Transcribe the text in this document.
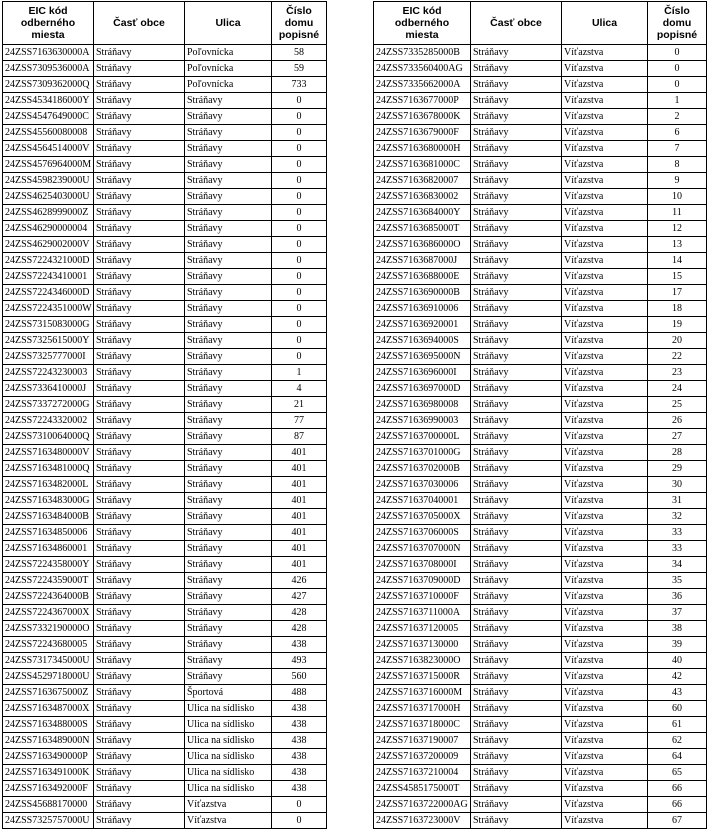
EIC kód
odberného
miesta	Časť obce	Ulica	Číslo
domu
popisné

24ZSS7163630000A	Stráňavy	Poľovnícka	58
24ZSS7309536000A	Stráňavy	Poľovnícka	59
24ZSS7309362000Q	Stráňavy	Poľovnícka	733
24ZSS4534186000Y	Stráňavy	Stráňavy	0
24ZSS4547649000C	Stráňavy	Stráňavy	0
24ZSS45560080008	Stráňavy	Stráňavy	0
24ZSS4564514000V	Stráňavy	Stráňavy	0
24ZSS4576964000M	Stráňavy	Stráňavy	0
24ZSS4598239000U	Stráňavy	Stráňavy	0
24ZSS4625403000U	Stráňavy	Stráňavy	0
24ZSS4628999000Z	Stráňavy	Stráňavy	0
24ZSS46290000004	Stráňavy	Stráňavy	0
24ZSS4629002000V	Stráňavy	Stráňavy	0
24ZSS7224321000D	Stráňavy	Stráňavy	0
24ZSS72243410001	Stráňavy	Stráňavy	0
24ZSS7224346000D	Stráňavy	Stráňavy	0
24ZSS7224351000W	Stráňavy	Stráňavy	0
24ZSS7315083000G	Stráňavy	Stráňavy	0
24ZSS7325615000Y	Stráňavy	Stráňavy	0
24ZSS7325777000I	Stráňavy	Stráňavy	0
24ZSS72243230003	Stráňavy	Stráňavy	1
24ZSS7336410000J	Stráňavy	Stráňavy	4
24ZSS7337272000G	Stráňavy	Stráňavy	21
24ZSS72243320002	Stráňavy	Stráňavy	77
24ZSS7310064000Q	Stráňavy	Stráňavy	87
24ZSS7163480000V	Stráňavy	Stráňavy	401
24ZSS7163481000Q	Stráňavy	Stráňavy	401
24ZSS7163482000L	Stráňavy	Stráňavy	401
24ZSS7163483000G	Stráňavy	Stráňavy	401
24ZSS7163484000B	Stráňavy	Stráňavy	401
24ZSS71634850006	Stráňavy	Stráňavy	401
24ZSS71634860001	Stráňavy	Stráňavy	401
24ZSS7224358000Y	Stráňavy	Stráňavy	401
24ZSS7224359000T	Stráňavy	Stráňavy	426
24ZSS7224364000B	Stráňavy	Stráňavy	427
24ZSS7224367000X	Stráňavy	Stráňavy	428
24ZSS7332190000O	Stráňavy	Stráňavy	428
24ZSS72243680005	Stráňavy	Stráňavy	438
24ZSS7317345000U	Stráňavy	Stráňavy	493
24ZSS4529718000U	Stráňavy	Stráňavy	560
24ZSS7163675000Z	Stráňavy	Športová	488
24ZSS7163487000X	Stráňavy	Ulica na sídlisko	438
24ZSS7163488000S	Stráňavy	Ulica na sídlisko	438
24ZSS7163489000N	Stráňavy	Ulica na sídlisko	438
24ZSS7163490000P	Stráňavy	Ulica na sídlisko	438
24ZSS7163491000K	Stráňavy	Ulica na sídlisko	438
24ZSS7163492000F	Stráňavy	Ulica na sídlisko	438
24ZSS45688170000	Stráňavy	Víťazstva	0
24ZSS7325757000U	Stráňavy	Víťazstva	0
EIC kód
odberného
miesta	Časť obce	Ulica	Číslo
domu
popisné

24ZSS7335285000B	Stráňavy	Víťazstva	0
24ZSS733560400AG	Stráňavy	Víťazstva	0
24ZSS7335662000A	Stráňavy	Víťazstva	0
24ZSS7163677000P	Stráňavy	Víťazstva	1
24ZSS7163678000K	Stráňavy	Víťazstva	2
24ZSS7163679000F	Stráňavy	Víťazstva	6
24ZSS7163680000H	Stráňavy	Víťazstva	7
24ZSS7163681000C	Stráňavy	Víťazstva	8
24ZSS71636820007	Stráňavy	Víťazstva	9
24ZSS71636830002	Stráňavy	Víťazstva	10
24ZSS7163684000Y	Stráňavy	Víťazstva	11
24ZSS7163685000T	Stráňavy	Víťazstva	12
24ZSS7163686000O	Stráňavy	Víťazstva	13
24ZSS7163687000J	Stráňavy	Víťazstva	14
24ZSS7163688000E	Stráňavy	Víťazstva	15
24ZSS7163690000B	Stráňavy	Víťazstva	17
24ZSS71636910006	Stráňavy	Víťazstva	18
24ZSS71636920001	Stráňavy	Víťazstva	19
24ZSS7163694000S	Stráňavy	Víťazstva	20
24ZSS7163695000N	Stráňavy	Víťazstva	22
24ZSS7163696000I	Stráňavy	Víťazstva	23
24ZSS7163697000D	Stráňavy	Víťazstva	24
24ZSS71636980008	Stráňavy	Víťazstva	25
24ZSS71636990003	Stráňavy	Víťazstva	26
24ZSS7163700000L	Stráňavy	Víťazstva	27
24ZSS7163701000G	Stráňavy	Víťazstva	28
24ZSS7163702000B	Stráňavy	Víťazstva	29
24ZSS71637030006	Stráňavy	Víťazstva	30
24ZSS71637040001	Stráňavy	Víťazstva	31
24ZSS7163705000X	Stráňavy	Víťazstva	32
24ZSS7163706000S	Stráňavy	Víťazstva	33
24ZSS7163707000N	Stráňavy	Víťazstva	33
24ZSS7163708000I	Stráňavy	Víťazstva	34
24ZSS7163709000D	Stráňavy	Víťazstva	35
24ZSS7163710000F	Stráňavy	Víťazstva	36
24ZSS7163711000A	Stráňavy	Víťazstva	37
24ZSS71637120005	Stráňavy	Víťazstva	38
24ZSS71637130000	Stráňavy	Víťazstva	39
24ZSS7163823000O	Stráňavy	Víťazstva	40
24ZSS7163715000R	Stráňavy	Víťazstva	42
24ZSS7163716000M	Stráňavy	Víťazstva	43
24ZSS7163717000H	Stráňavy	Víťazstva	60
24ZSS7163718000C	Stráňavy	Víťazstva	61
24ZSS71637190007	Stráňavy	Víťazstva	62
24ZSS71637200009	Stráňavy	Víťazstva	64
24ZSS71637210004	Stráňavy	Víťazstva	65
24ZSS4585175000T	Stráňavy	Víťazstva	66
24ZSS7163722000AG	Stráňavy	Víťazstva	66
24ZSS7163723000V	Stráňavy	Víťazstva	67
